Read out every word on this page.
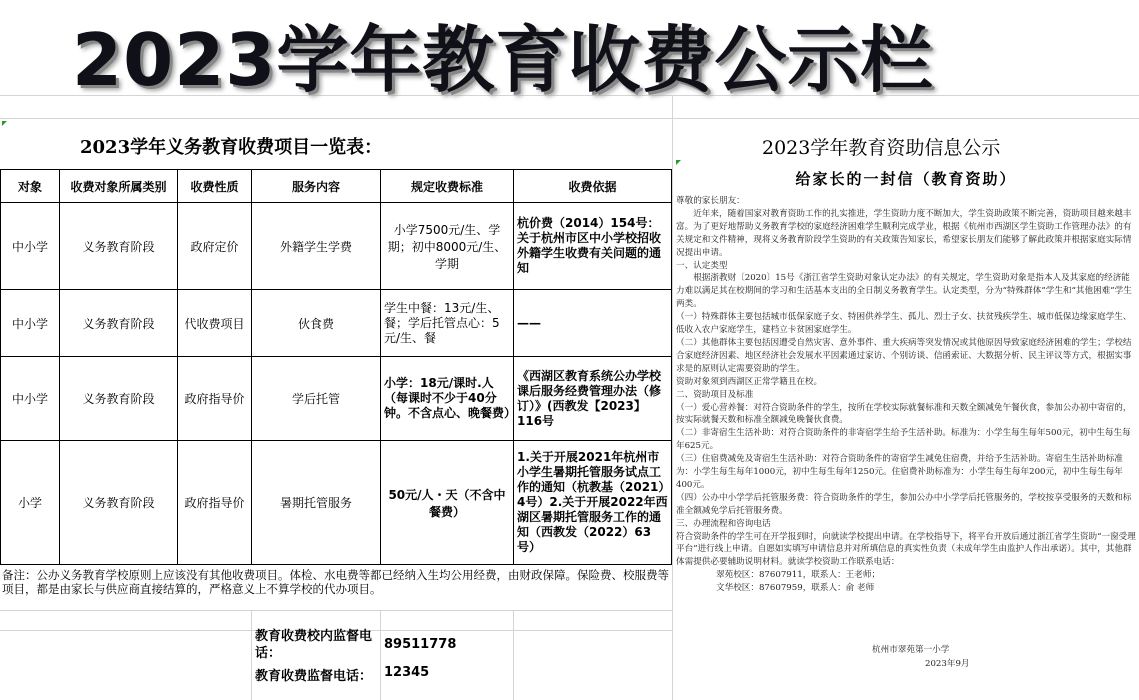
2023学年教育收费公示栏
2023学年义务教育收费项目一览表：
对象	收费对象所属类别	收费性质	服务内容	规定收费标准	收费依据
中小学	义务教育阶段	政府定价	外籍学生学费	小学7500元/生、学期；初中8000元/生、学期	杭价费（2014）154号：关于杭州市区中小学校招收外籍学生收费有关问题的通知
中小学	义务教育阶段	代收费项目	伙食费	学生中餐：13元/生、餐；学后托管点心：5元/生、餐	——
中小学	义务教育阶段	政府指导价	学后托管	小学：18元/课时.人（每课时不少于40分钟。不含点心、晚餐费）	《西湖区教育系统公办学校课后服务经费管理办法（修订）》(西教发【2023】116号
小学	义务教育阶段	政府指导价	暑期托管服务	50元/人・天（不含中餐费）	1.关于开展2021年杭州市小学生暑期托管服务试点工作的通知（杭教基（2021）4号）2.关于开展2022年西湖区暑期托管服务工作的通知（西教发（2022）63号）
备注：公办义务教育学校原则上应该没有其他收费项目。体检、水电费等都已经纳入生均公用经费，由财政保障。保险费、校服费等项目，都是由家长与供应商直接结算的，严格意义上不算学校的代办项目。
教育收费校内监督电话：
89511778
教育收费监督电话： 12345
2023学年教育资助信息公示
给家长的一封信（教育资助）

尊敬的家长朋友：

近年来，随着国家对教育资助工作的扎实推进，学生资助力度不断加大，学生资助政策不断完善，资助项目越来越丰富。为了更好地帮助义务教育学校的家庭经济困难学生顺利完成学业，根据《杭州市西湖区学生资助工作管理办法》的有关规定和文件精神，现将义务教育阶段学生资助的有关政策告知家长，希望家长朋友们能够了解此政策并根据家庭实际情况提出申请。

一、认定类型

根据浙教财〔2020〕15号《浙江省学生资助对象认定办法》的有关规定，学生资助对象是指本人及其家庭的经济能力难以满足其在校期间的学习和生活基本支出的全日制义务教育学生。认定类型，分为“特殊群体”学生和“其他困难”学生两类。

（一）特殊群体主要包括城市低保家庭子女、特困供养学生、孤儿、烈士子女、扶贫残疾学生、城市低保边缘家庭学生、低收入农户家庭学生，建档立卡贫困家庭学生。

（二）其他群体主要包括因遭受自然灾害、意外事件、重大疾病等突发情况或其他原因导致家庭经济困难的学生；学校结合家庭经济因素、地区经济社会发展水平因素通过家访、个别访谈、信函索证、大数据分析、民主评议等方式，根据实事求是的原则认定需要资助的学生。

资助对象须到西湖区正常学籍且在校。

二、资助项目及标准

（一）爱心营养餐：对符合资助条件的学生，按所在学校实际就餐标准和天数全额减免午餐伙食，参加公办初中寄宿的，按实际就餐天数和标准全额减免晚餐伙食费。

（二）非寄宿生生活补助：对符合资助条件的非寄宿学生给予生活补助。标准为：小学生每生每年500元，初中生每生每年625元。

（三）住宿费减免及寄宿生生活补助：对符合资助条件的寄宿学生减免住宿费，并给予生活补助。寄宿生生活补助标准为：小学生每生每年1000元，初中生每生每年1250元。住宿费补助标准为：小学生每生每年200元，初中生每生每年400元。

（四）公办中小学学后托管服务费：符合资助条件的学生，参加公办中小学学后托管服务的，学校按享受服务的天数和标准全额减免学后托管服务费。

三、办理流程和咨询电话

符合资助条件的学生可在开学报到时，向就读学校提出申请。在学校指导下，将平台开放后通过浙江省学生资助“一窗受理平台”进行线上申请。自愿如实填写申请信息并对所填信息的真实性负责（未成年学生由监护人作出承诺）。其中，其他群体需提供必要辅助说明材料。就读学校资助工作联系电话：

翠苑校区：87607911，联系人：王老师；

文华校区：87607959，联系人：俞 老师

杭州市翠苑第一小学
2023年9月
